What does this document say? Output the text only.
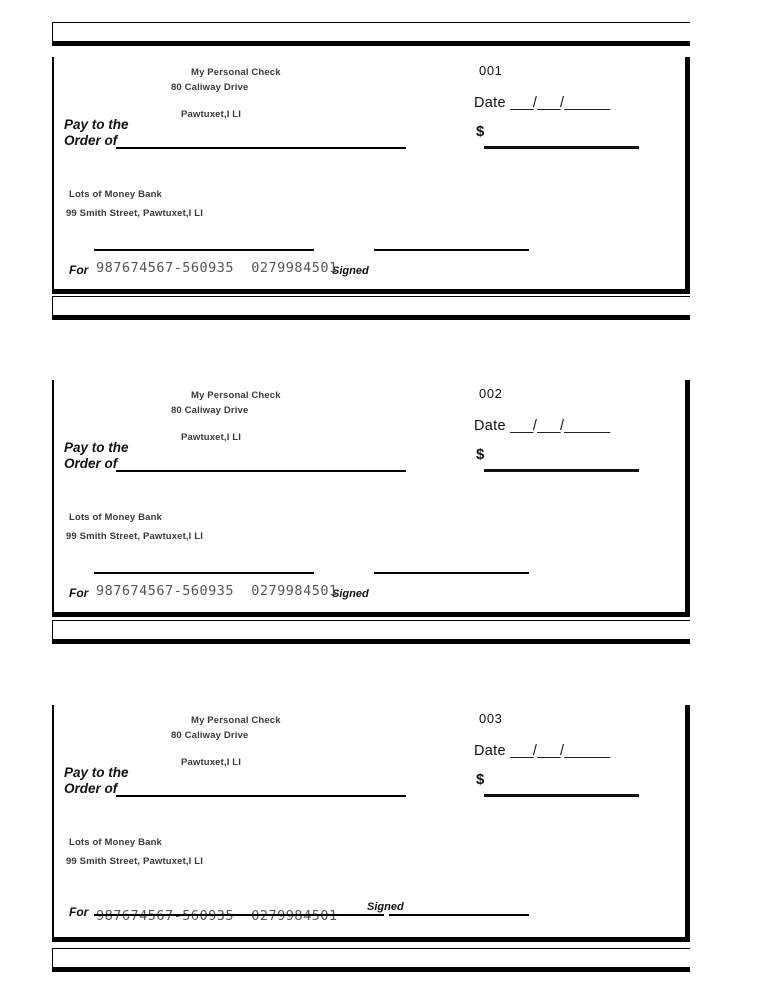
My Personal Check
80 Caliway Drive
Pawtuxet,I LI
001
Date ___/___/______
$
Pay to the
Order of
Lots of Money Bank
99 Smith Street, Pawtuxet,I LI
For	Signed
987674567-560935  0279984501
My Personal Check
80 Caliway Drive
Pawtuxet,I LI
002
Date ___/___/______
$
Pay to the
Order of
Lots of Money Bank
99 Smith Street, Pawtuxet,I LI
For	Signed
987674567-560935  0279984501
My Personal Check
80 Caliway Drive
Pawtuxet,I LI
003
Date ___/___/______
$
Pay to the
Order of
Lots of Money Bank
99 Smith Street, Pawtuxet,I LI
987674567-560935  0279984501
For	Signed
